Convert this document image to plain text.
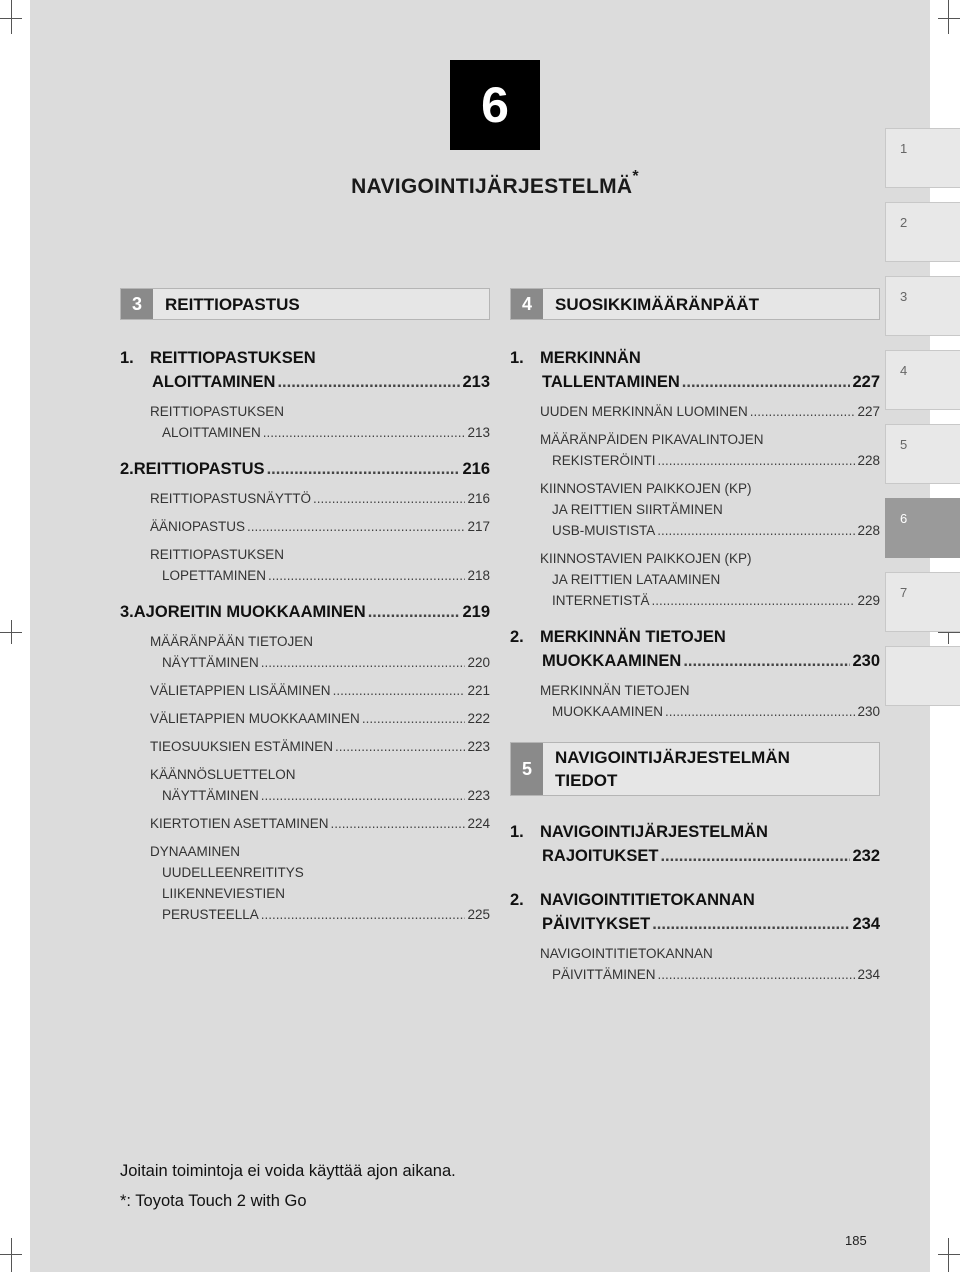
6
NAVIGOINTIJÄRJESTELMÄ*
1
2
3
4
5
6
7
3	REITTIOPASTUS
1. REITTIOPASTUKSEN
ALOITTAMINEN .....	213
REITTIOPASTUKSEN
ALOITTAMINEN .....	213
2. REITTIOPASTUS .....	216
REITTIOPASTUSNÄYTTÖ .....	216
ÄÄNIOPASTUS .....	217
REITTIOPASTUKSEN
LOPETTAMINEN .....	218
3. AJOREITIN MUOKKAAMINEN .....	219
MÄÄRÄNPÄÄN TIETOJEN
NÄYTTÄMINEN .....	220
VÄLIETAPPIEN LISÄÄMINEN .....	221
VÄLIETAPPIEN MUOKKAAMINEN .....	222
TIEOSUUKSIEN ESTÄMINEN .....	223
KÄÄNNÖSLUETTELON
NÄYTTÄMINEN .....	223
KIERTOTIEN ASETTAMINEN .....	224
DYNAAMINEN
UUDELLEENREITITYS
LIIKENNEVIESTIEN
PERUSTEELLA .....	225
4	SUOSIKKIMÄÄRÄNPÄÄT
1. MERKINNÄN
TALLENTAMINEN .....	227
UUDEN MERKINNÄN LUOMINEN .....	227
MÄÄRÄNPÄIDEN PIKAVALINTOJEN
REKISTERÖINTI .....	228
KIINNOSTAVIEN PAIKKOJEN (KP)
JA REITTIEN SIIRTÄMINEN
USB-MUISTISTA .....	228
KIINNOSTAVIEN PAIKKOJEN (KP)
JA REITTIEN LATAAMINEN
INTERNETISTÄ .....	229
2. MERKINNÄN TIETOJEN
MUOKKAAMINEN .....	230
MERKINNÄN TIETOJEN
MUOKKAAMINEN .....	230
5
NAVIGOINTIJÄRJESTELMÄN
TIEDOT
1. NAVIGOINTIJÄRJESTELMÄN
RAJOITUKSET .....	232
2. NAVIGOINTITIETOKANNAN
PÄIVITYKSET .....	234
NAVIGOINTITIETOKANNAN
PÄIVITTÄMINEN .....	234
Joitain toimintoja ei voida käyttää ajon aikana.
*: Toyota Touch 2 with Go
185
